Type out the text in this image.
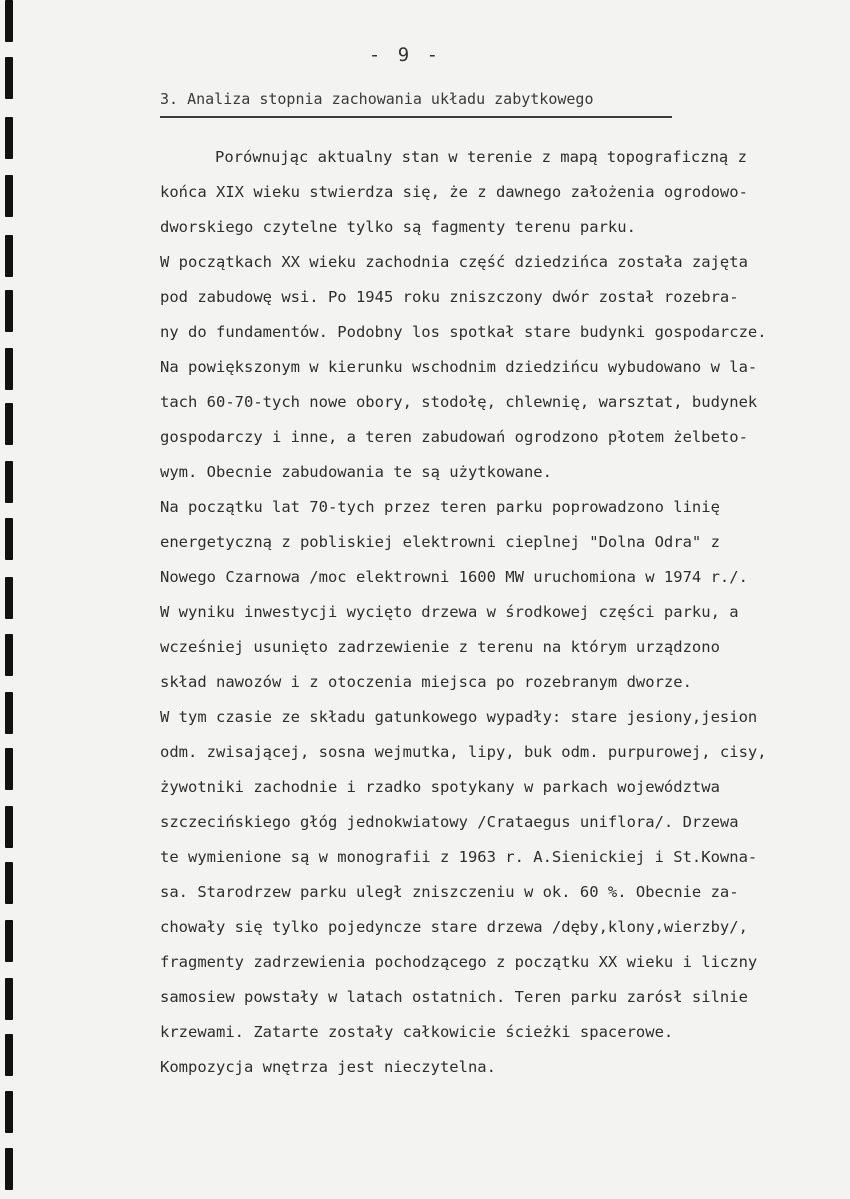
- 9 -
3. Analiza stopnia zachowania układu zabytkowego
Porównując aktualny stan w terenie z mapą topograficzną z
końca XIX wieku stwierdza się, że z dawnego założenia ogrodowo-
dworskiego czytelne tylko są fagmenty terenu parku.
W początkach XX wieku zachodnia część dziedzińca została zajęta
pod zabudowę wsi. Po 1945 roku zniszczony dwór został rozebra-
ny do fundamentów. Podobny los spotkał stare budynki gospodarcze.
Na powiększonym w kierunku wschodnim dziedzińcu wybudowano w la-
tach 60-70-tych nowe obory, stodołę, chlewnię, warsztat, budynek
gospodarczy i inne, a teren zabudowań ogrodzono płotem żelbeto-
wym. Obecnie zabudowania te są użytkowane.
Na początku lat 70-tych przez teren parku poprowadzono linię
energetyczną z pobliskiej elektrowni cieplnej "Dolna Odra" z
Nowego Czarnowa /moc elektrowni 1600 MW uruchomiona w 1974 r./.
W wyniku inwestycji wycięto drzewa w środkowej części parku, a
wcześniej usunięto zadrzewienie z terenu na którym urządzono
skład nawozów i z otoczenia miejsca po rozebranym dworze.
W tym czasie ze składu gatunkowego wypadły: stare jesiony,jesion
odm. zwisającej, sosna wejmutka, lipy, buk odm. purpurowej, cisy,
żywotniki zachodnie i rzadko spotykany w parkach województwa
szczecińskiego głóg jednokwiatowy /Crataegus uniflora/. Drzewa
te wymienione są w monografii z 1963 r. A.Sienickiej i St.Kowna-
sa. Starodrzew parku uległ zniszczeniu w ok. 60 %. Obecnie za-
chowały się tylko pojedyncze stare drzewa /dęby,klony,wierzby/,
fragmenty zadrzewienia pochodzącego z początku XX wieku i liczny
samosiew powstały w latach ostatnich. Teren parku zarósł silnie
krzewami. Zatarte zostały całkowicie ścieżki spacerowe.
Kompozycja wnętrza jest nieczytelna.
